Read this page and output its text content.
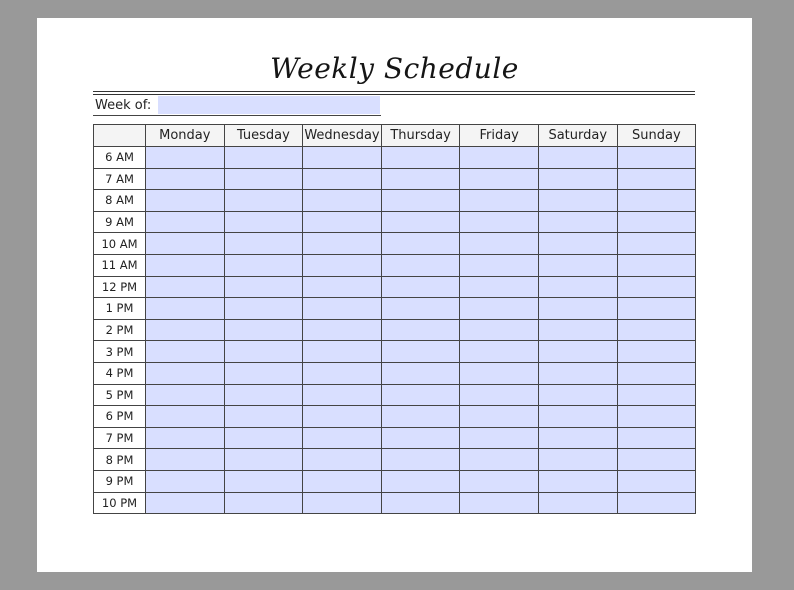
Weekly Schedule
Week of:
	Monday	Tuesday	Wednesday	Thursday	Friday	Saturday	Sunday
6 AM							
7 AM							
8 AM							
9 AM							
10 AM							
11 AM							
12 PM							
1 PM							
2 PM							
3 PM							
4 PM							
5 PM							
6 PM							
7 PM							
8 PM							
9 PM							
10 PM							
